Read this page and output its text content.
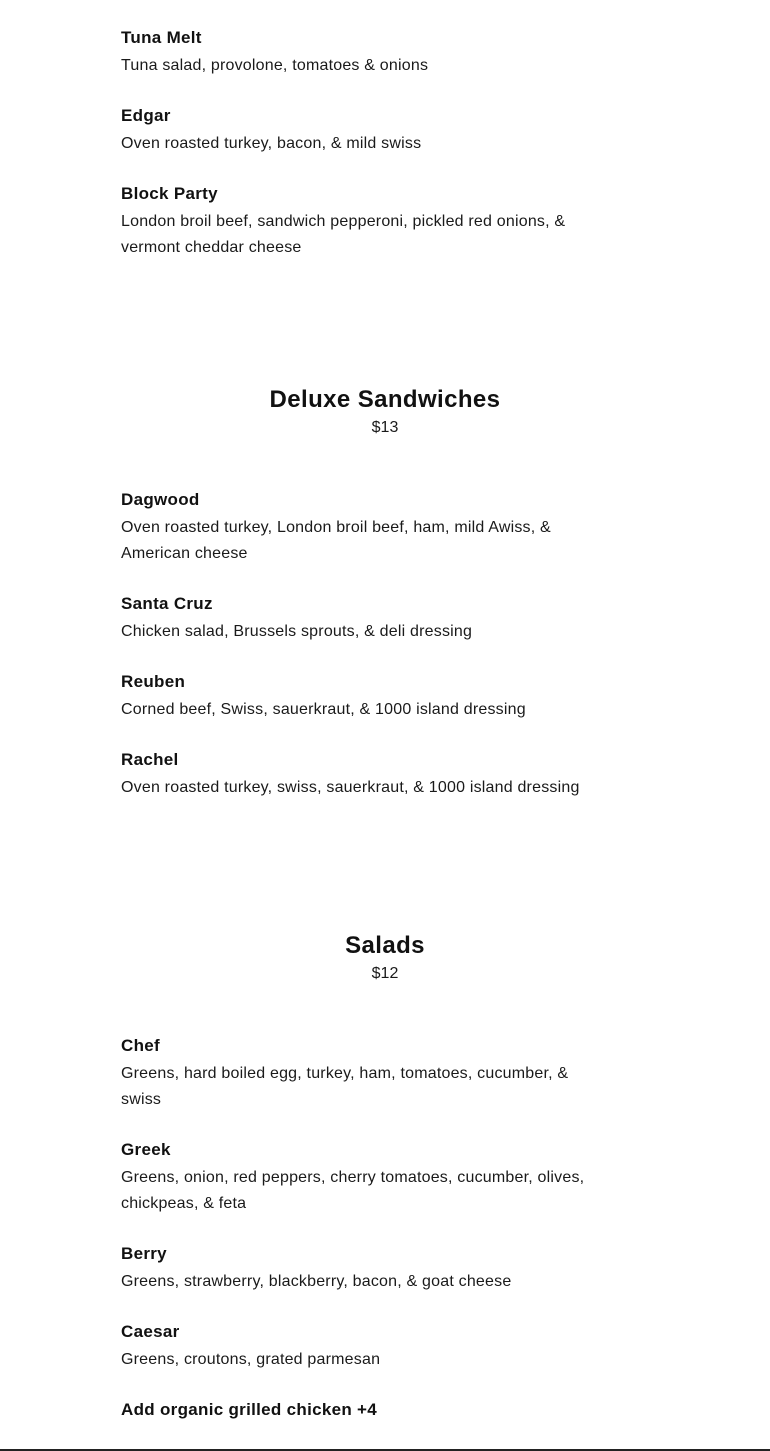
Tuna Melt

Tuna salad, provolone, tomatoes & onions

Edgar

Oven roasted turkey, bacon, & mild swiss

Block Party

London broil beef, sandwich pepperoni, pickled red onions, & vermont cheddar cheese

Deluxe Sandwiches

$13

Dagwood

Oven roasted turkey, London broil beef, ham, mild Awiss, & American cheese

Santa Cruz

Chicken salad, Brussels sprouts, & deli dressing

Reuben

Corned beef, Swiss, sauerkraut, & 1000 island dressing

Rachel

Oven roasted turkey, swiss, sauerkraut, & 1000 island dressing

Salads

$12

Chef

Greens, hard boiled egg, turkey, ham, tomatoes, cucumber, & swiss

Greek

Greens, onion, red peppers, cherry tomatoes, cucumber, olives, chickpeas, & feta

Berry

Greens, strawberry, blackberry, bacon, & goat cheese

Caesar

Greens, croutons, grated parmesan

Add organic grilled chicken +4
